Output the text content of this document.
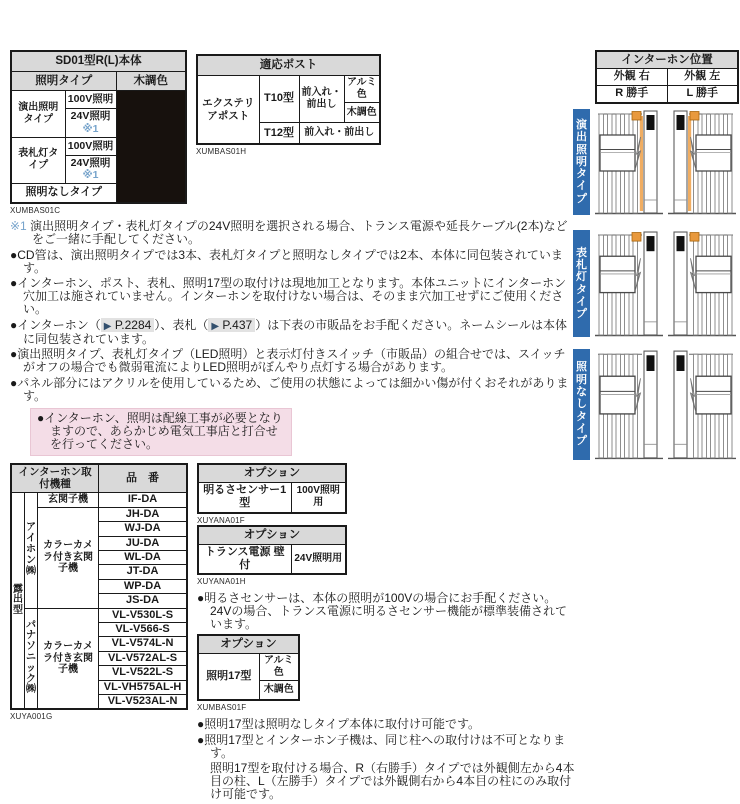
SD01型R(L)本体		
照明タイプ		木調色
演出照明タイプ	100V照明	
	24V照明※1	
表札灯タイプ	100V照明	
	24V照明※1	
照明なしタイプ		
XUMBAS01C
適応ポスト			
エクステリアポスト	T10型	前入れ・前出し	アルミ色
			木調色
	T12型	前入れ・前出し	
XUMBAS01H
※1 演出照明タイプ・表札灯タイプの24V照明を選択される場合、トランス電源や延長ケーブル(2本)などをご一緒に手配してください。
●CD管は、演出照明タイプでは3本、表札灯タイプと照明なしタイプでは2本、本体に同包装されています。
●インターホン、ポスト、表札、照明17型の取付けは現地加工となります。本体ユニットにインターホン穴加工は施されていません。インターホンを取付けない場合は、そのまま穴加工せずにご使用ください。
●インターホン（ ▶ P.2284 ）、表札（ ▶ P.437 ）は下表の市販品をお手配ください。ネームシールは本体に同包装されています。
●演出照明タイプ、表札灯タイプ（LED照明）と表示灯付きスイッチ（市販品）の組合せでは、スイッチがオフの場合でも微弱電流によりLED照明がぼんやり点灯する場合があります。
●パネル部分にはアクリルを使用しているため、ご使用の状態によっては細かい傷が付くおそれがあります。
●インターホン、照明は配線工事が必要となりますので、あらかじめ電気工事店と打合せを行ってください。
インターホン取付機種			品　番

露出型	アイホン㈱	玄関子機	IF-DA
		カラーカメラ付き玄関子機	JH-DA
			WJ-DA
			JU-DA
			WL-DA
			JT-DA
			WP-DA
			JS-DA

	パナソニック㈱	カラーカメラ付き玄関子機	VL-V530L-S
			VL-V566-S
			VL-V574L-N
			VL-V572AL-S
			VL-V522L-S
			VL-VH575AL-H
			VL-V523AL-N
XUYA001G
オプション
明るさセンサー1型	100V照明用
XUYANA01F
オプション
トランス電源 壁付	24V照明用
XUYANA01H
●明るさセンサーは、本体の照明が100Vの場合にお手配ください。24Vの場合、トランス電源に明るさセンサー機能が標準装備されています。
オプション
照明17型	アルミ色
木調色
XUMBAS01F
●照明17型は照明なしタイプ本体に取付け可能です。
●照明17型とインターホン子機は、同じ柱への取付けは不可となります。
照明17型を取付ける場合、R（右勝手）タイプでは外観側左から4本目の柱、L（左勝手）タイプでは外観側右から4本目の柱にのみ取付け可能です。
インターホン位置	
外観 右	外観 左
R 勝手	L 勝手
演出照明タイプ
表札灯タイプ
照明なしタイプ
